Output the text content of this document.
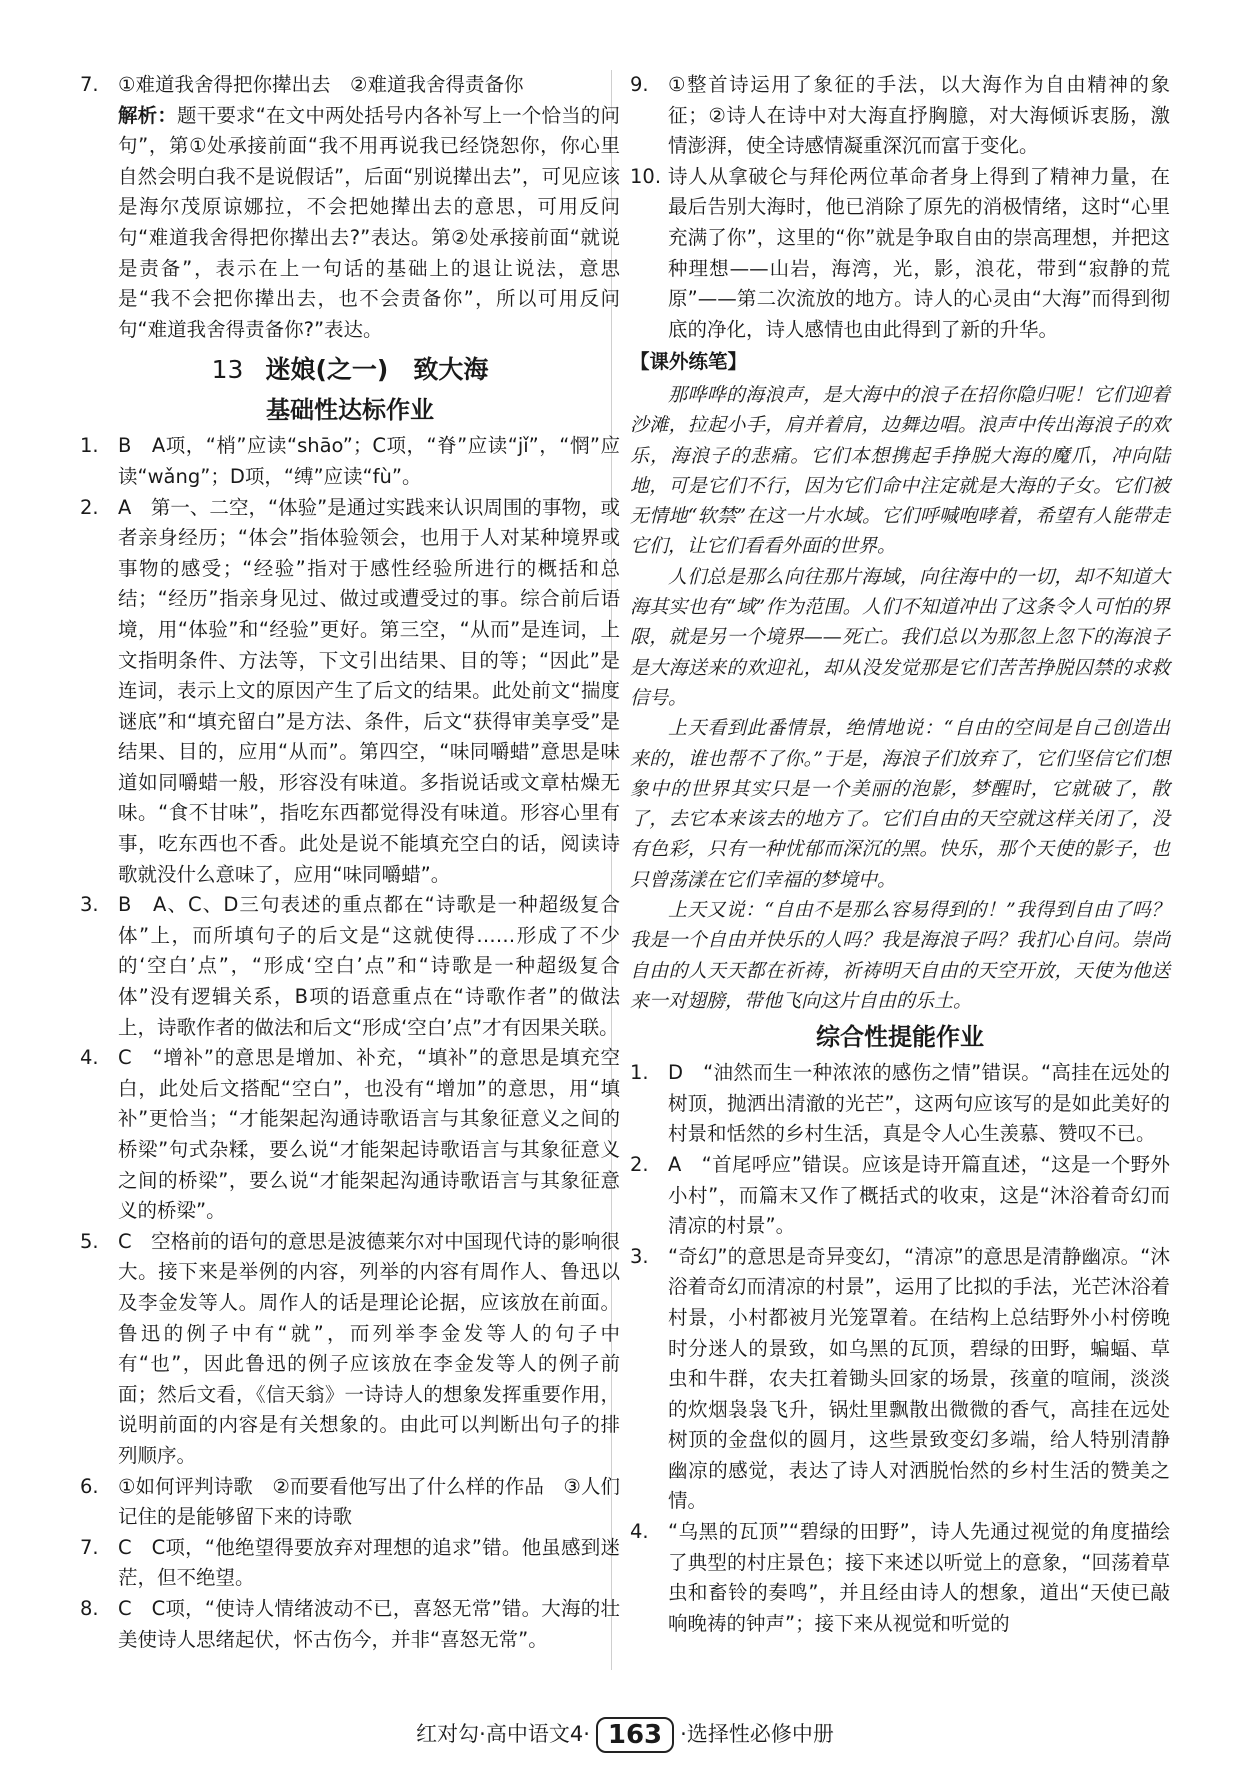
7. ①难道我舍得把你撵出去　②难道我舍得责备你
解析：题干要求“在文中两处括号内各补写上一个恰当的问句”，第①处承接前面“我不用再说我已经饶恕你，你心里自然会明白我不是说假话”，后面“别说撵出去”，可见应该是海尔茂原谅娜拉，不会把她撵出去的意思，可用反问句“难道我舍得把你撵出去?”表达。第②处承接前面“就说是责备”，表示在上一句话的基础上的退让说法，意思是“我不会把你撵出去，也不会责备你”，所以可用反问句“难道我舍得责备你?”表达。
13 迷娘(之一)　致大海
基础性达标作业
1. B　A项，“梢”应读“shāo”；C项，“脊”应读“jǐ”，“惘”应读“wǎng”；D项，“缚”应读“fù”。
2. A　第一、二空，“体验”是通过实践来认识周围的事物，或者亲身经历；“体会”指体验领会，也用于人对某种境界或事物的感受；“经验”指对于感性经验所进行的概括和总结；“经历”指亲身见过、做过或遭受过的事。综合前后语境，用“体验”和“经验”更好。第三空，“从而”是连词，上文指明条件、方法等，下文引出结果、目的等；“因此”是连词，表示上文的原因产生了后文的结果。此处前文“揣度谜底”和“填充留白”是方法、条件，后文“获得审美享受”是结果、目的，应用“从而”。第四空，“味同嚼蜡”意思是味道如同嚼蜡一般，形容没有味道。多指说话或文章枯燥无味。“食不甘味”，指吃东西都觉得没有味道。形容心里有事，吃东西也不香。此处是说不能填充空白的话，阅读诗歌就没什么意味了，应用“味同嚼蜡”。
3. B　A、C、D三句表述的重点都在“诗歌是一种超级复合体”上，而所填句子的后文是“这就使得……形成了不少的‘空白’点”，“形成‘空白’点”和“诗歌是一种超级复合体”没有逻辑关系，B项的语意重点在“诗歌作者”的做法上，诗歌作者的做法和后文“形成‘空白’点”才有因果关联。
4. C　“增补”的意思是增加、补充，“填补”的意思是填充空白，此处后文搭配“空白”，也没有“增加”的意思，用“填补”更恰当；“才能架起沟通诗歌语言与其象征意义之间的桥梁”句式杂糅，要么说“才能架起诗歌语言与其象征意义之间的桥梁”，要么说“才能架起沟通诗歌语言与其象征意义的桥梁”。
5. C　空格前的语句的意思是波德莱尔对中国现代诗的影响很大。接下来是举例的内容，列举的内容有周作人、鲁迅以及李金发等人。周作人的话是理论论据，应该放在前面。鲁迅的例子中有“就”，而列举李金发等人的句子中有“也”，因此鲁迅的例子应该放在李金发等人的例子前面；然后文看，《信天翁》一诗诗人的想象发挥重要作用，说明前面的内容是有关想象的。由此可以判断出句子的排列顺序。
6. ①如何评判诗歌　②而要看他写出了什么样的作品　③人们记住的是能够留下来的诗歌
7. C　C项，“他绝望得要放弃对理想的追求”错。他虽感到迷茫，但不绝望。
8. C　C项，“使诗人情绪波动不已，喜怒无常”错。大海的壮美使诗人思绪起伏，怀古伤今，并非“喜怒无常”。
9. ①整首诗运用了象征的手法，以大海作为自由精神的象征；②诗人在诗中对大海直抒胸臆，对大海倾诉衷肠，激情澎湃，使全诗感情凝重深沉而富于变化。
10. 诗人从拿破仑与拜伦两位革命者身上得到了精神力量，在最后告别大海时，他已消除了原先的消极情绪，这时“心里充满了你”，这里的“你”就是争取自由的崇高理想，并把这种理想——山岩，海湾，光，影，浪花，带到“寂静的荒原”——第二次流放的地方。诗人的心灵由“大海”而得到彻底的净化，诗人感情也由此得到了新的升华。
【课外练笔】

那哗哗的海浪声，是大海中的浪子在招你隐归呢！它们迎着沙滩，拉起小手，肩并着肩，边舞边唱。浪声中传出海浪子的欢乐，海浪子的悲痛。它们本想携起手挣脱大海的魔爪，冲向陆地，可是它们不行，因为它们命中注定就是大海的子女。它们被无情地“软禁”在这一片水域。它们呼喊咆哮着，希望有人能带走它们，让它们看看外面的世界。

人们总是那么向往那片海域，向往海中的一切，却不知道大海其实也有“域”作为范围。人们不知道冲出了这条令人可怕的界限，就是另一个境界——死亡。我们总以为那忽上忽下的海浪子是大海送来的欢迎礼，却从没发觉那是它们苦苦挣脱囚禁的求救信号。

上天看到此番情景，绝情地说：“自由的空间是自己创造出来的，谁也帮不了你。”于是，海浪子们放弃了，它们坚信它们想象中的世界其实只是一个美丽的泡影，梦醒时，它就破了，散了，去它本来该去的地方了。它们自由的天空就这样关闭了，没有色彩，只有一种忧郁而深沉的黑。快乐，那个天使的影子，也只曾荡漾在它们幸福的梦境中。

上天又说：“自由不是那么容易得到的！”我得到自由了吗？我是一个自由并快乐的人吗？我是海浪子吗？我扪心自问。崇尚自由的人天天都在祈祷，祈祷明天自由的天空开放，天使为他送来一对翅膀，带他飞向这片自由的乐土。

综合性提能作业
1. D　“油然而生一种浓浓的感伤之情”错误。“高挂在远处的树顶，抛洒出清澈的光芒”，这两句应该写的是如此美好的村景和恬然的乡村生活，真是令人心生羡慕、赞叹不已。
2. A　“首尾呼应”错误。应该是诗开篇直述，“这是一个野外小村”，而篇末又作了概括式的收束，这是“沐浴着奇幻而清凉的村景”。
3. “奇幻”的意思是奇异变幻，“清凉”的意思是清静幽凉。“沐浴着奇幻而清凉的村景”，运用了比拟的手法，光芒沐浴着村景，小村都被月光笼罩着。在结构上总结野外小村傍晚时分迷人的景致，如乌黑的瓦顶，碧绿的田野，蝙蝠、草虫和牛群，农夫扛着锄头回家的场景，孩童的喧闹，淡淡的炊烟袅袅飞升，锅灶里飘散出微微的香气，高挂在远处树顶的金盘似的圆月，这些景致变幻多端，给人特别清静幽凉的感觉，表达了诗人对洒脱怡然的乡村生活的赞美之情。
4. “乌黑的瓦顶”“碧绿的田野”，诗人先通过视觉的角度描绘了典型的村庄景色；接下来述以听觉上的意象，“回荡着草虫和畜铃的奏鸣”，并且经由诗人的想象，道出“天使已敲响晚祷的钟声”；接下来从视觉和听觉的
红对勾·高中语文4· 163 ·选择性必修中册
